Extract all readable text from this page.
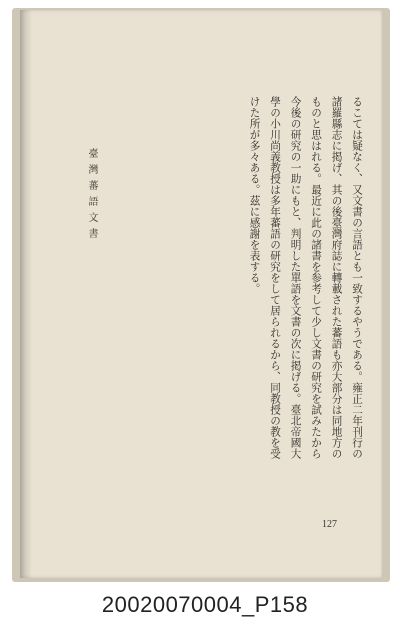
るこては疑なく、又文書の言語とも一致するやうである。雍正二年刊行の
諸羅縣志に掲げ、其の後臺灣府誌に轉載された蕃語も亦大部分は同地方の
ものと思はれる。最近に此の諸書を参考して少し文書の研究を試みたから
今後の研究の一助にもと、判明した單語を文書の次に掲げる。臺北帝國大
學の小川尚義教授は多年蕃語の研究をして居られるから、同教授の教を受
けた所が多々ある。茲に感謝を表する。
臺灣蕃語文書
127
20020070004_P158
